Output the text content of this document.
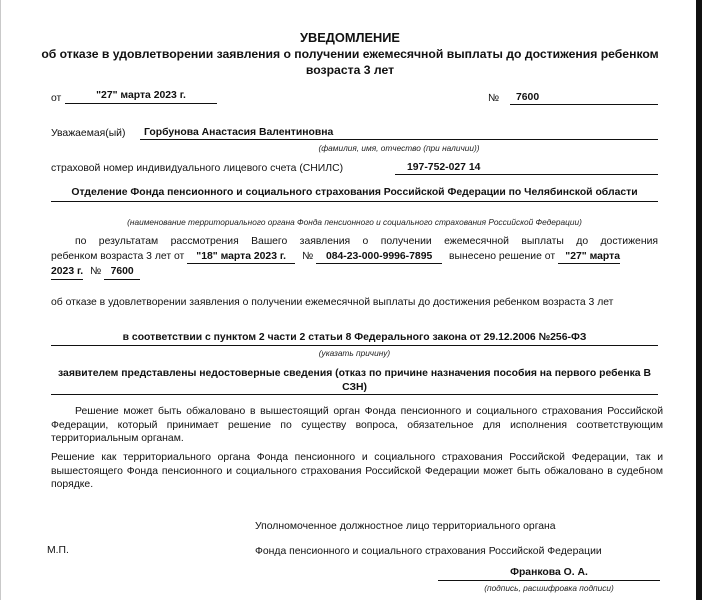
УВЕДОМЛЕНИЕ
об отказе в удовлетворении заявления о получении ежемесячной выплаты до достижения ребенком возраста 3 лет
от	"27" марта 2023 г.	№	7600
Уважаемая(ый)	Горбунова Анастасия Валентиновна
(фамилия, имя, отчество (при наличии))
страховой номер индивидуального лицевого счета (СНИЛС)	197-752-027 14
Отделение Фонда пенсионного и социального страхования Российской Федерации по Челябинской области
(наименование территориального органа Фонда пенсионного и социального страхования Российской Федерации)
по результатам рассмотрения Вашего заявления о получении ежемесячной выплаты до достижения
ребенком возраста 3 лет от "18" марта 2023 г. № 084-23-000-9996-7895 вынесено решение от "27" марта
2023 г. № 7600
об отказе в удовлетворении заявления о получении ежемесячной выплаты до достижения ребенком возраста 3 лет
в соответствии с пунктом 2 части 2 статьи 8 Федерального закона от 29.12.2006 №256-ФЗ
(указать причину)
заявителем представлены недостоверные сведения (отказ по причине назначения пособия на первого ребенка В СЗН)
Решение может быть обжаловано в вышестоящий орган Фонда пенсионного и социального страхования Российской Федерации, который принимает решение по существу вопроса, обязательное для исполнения соответствующим территориальным органам.
Решение как территориального органа Фонда пенсионного и социального страхования Российской Федерации, так и вышестоящего Фонда пенсионного и социального страхования Российской Федерации может быть обжаловано в судебном порядке.
Уполномоченное должностное лицо территориального органа
М.П.	Фонда пенсионного и социального страхования Российской Федерации
Франкова О. А.
(подпись, расшифровка подписи)
